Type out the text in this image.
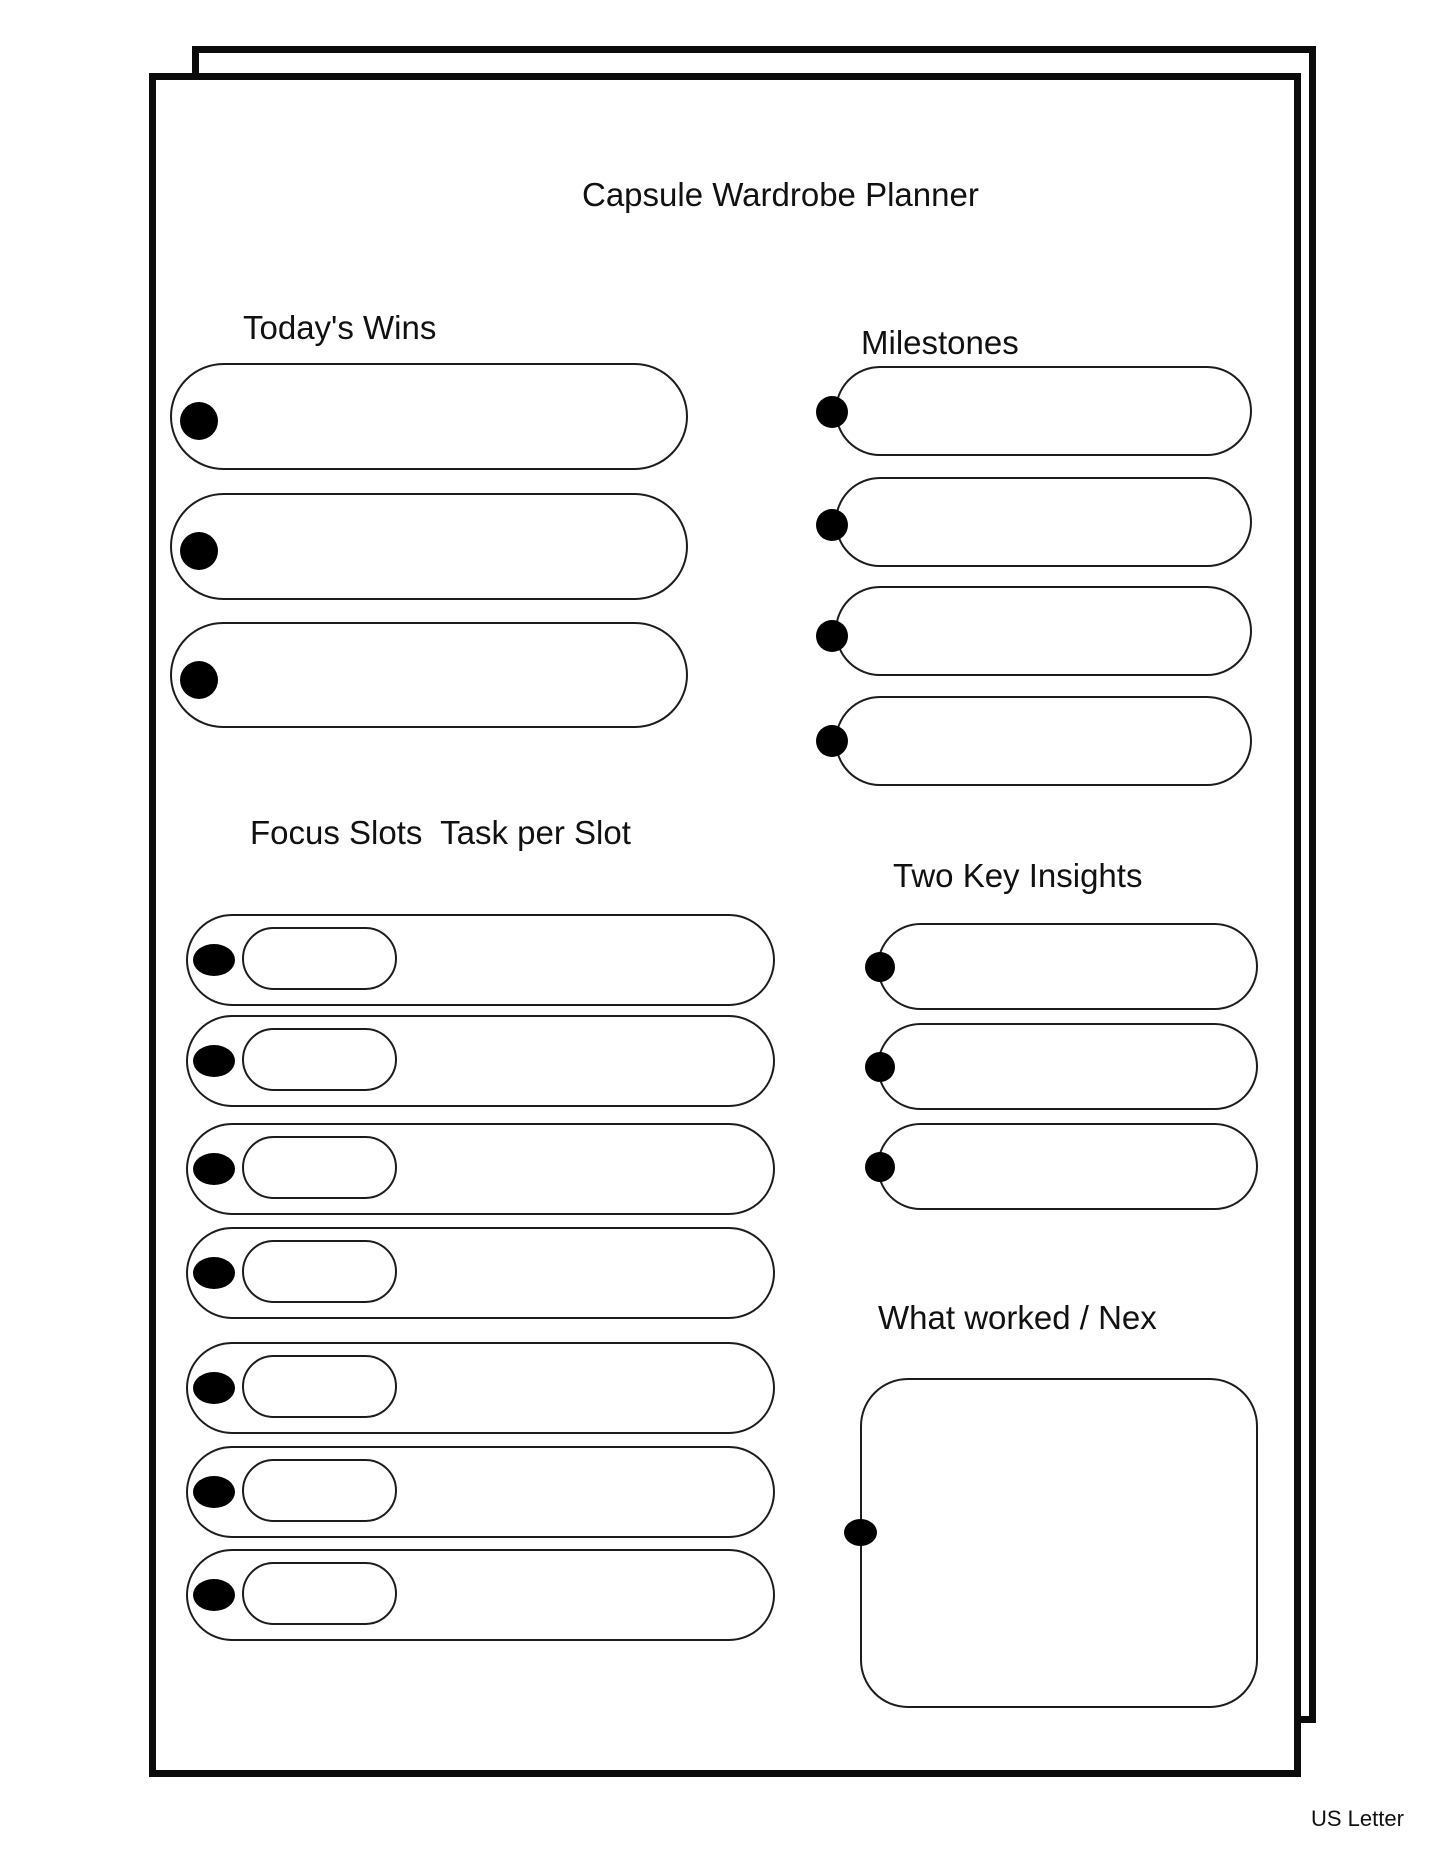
Capsule Wardrobe Planner
Today's Wins	Milestones
Focus Slots  Task per Slot
Two Key Insights
What worked / Nex
US Letter
